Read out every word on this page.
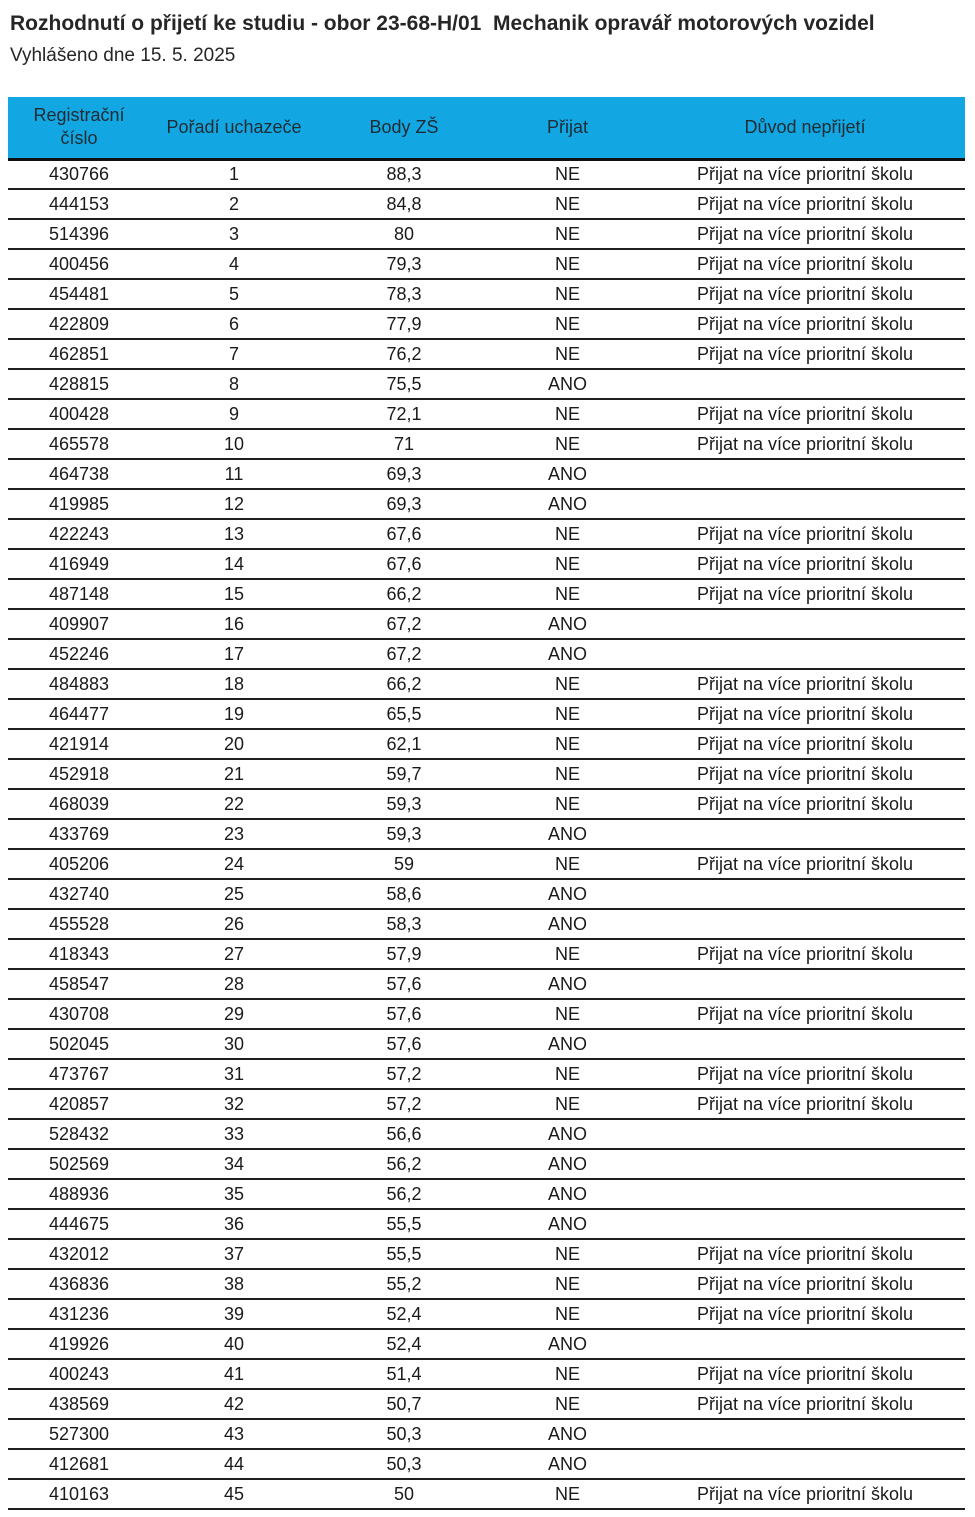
Rozhodnutí o přijetí ke studiu - obor 23-68-H/01  Mechanik opravář motorových vozidel
Vyhlášeno dne 15. 5. 2025
Registrační číslo	Pořadí uchazeče	Body ZŠ	Přijat	Důvod nepřijetí
430766	1	88,3	NE	Přijat na více prioritní školu
444153	2	84,8	NE	Přijat na více prioritní školu
514396	3	80	NE	Přijat na více prioritní školu
400456	4	79,3	NE	Přijat na více prioritní školu
454481	5	78,3	NE	Přijat na více prioritní školu
422809	6	77,9	NE	Přijat na více prioritní školu
462851	7	76,2	NE	Přijat na více prioritní školu
428815	8	75,5	ANO	
400428	9	72,1	NE	Přijat na více prioritní školu
465578	10	71	NE	Přijat na více prioritní školu
464738	11	69,3	ANO	
419985	12	69,3	ANO	
422243	13	67,6	NE	Přijat na více prioritní školu
416949	14	67,6	NE	Přijat na více prioritní školu
487148	15	66,2	NE	Přijat na více prioritní školu
409907	16	67,2	ANO	
452246	17	67,2	ANO	
484883	18	66,2	NE	Přijat na více prioritní školu
464477	19	65,5	NE	Přijat na více prioritní školu
421914	20	62,1	NE	Přijat na více prioritní školu
452918	21	59,7	NE	Přijat na více prioritní školu
468039	22	59,3	NE	Přijat na více prioritní školu
433769	23	59,3	ANO	
405206	24	59	NE	Přijat na více prioritní školu
432740	25	58,6	ANO	
455528	26	58,3	ANO	
418343	27	57,9	NE	Přijat na více prioritní školu
458547	28	57,6	ANO	
430708	29	57,6	NE	Přijat na více prioritní školu
502045	30	57,6	ANO	
473767	31	57,2	NE	Přijat na více prioritní školu
420857	32	57,2	NE	Přijat na více prioritní školu
528432	33	56,6	ANO	
502569	34	56,2	ANO	
488936	35	56,2	ANO	
444675	36	55,5	ANO	
432012	37	55,5	NE	Přijat na více prioritní školu
436836	38	55,2	NE	Přijat na více prioritní školu
431236	39	52,4	NE	Přijat na více prioritní školu
419926	40	52,4	ANO	
400243	41	51,4	NE	Přijat na více prioritní školu
438569	42	50,7	NE	Přijat na více prioritní školu
527300	43	50,3	ANO	
412681	44	50,3	ANO	
410163	45	50	NE	Přijat na více prioritní školu
